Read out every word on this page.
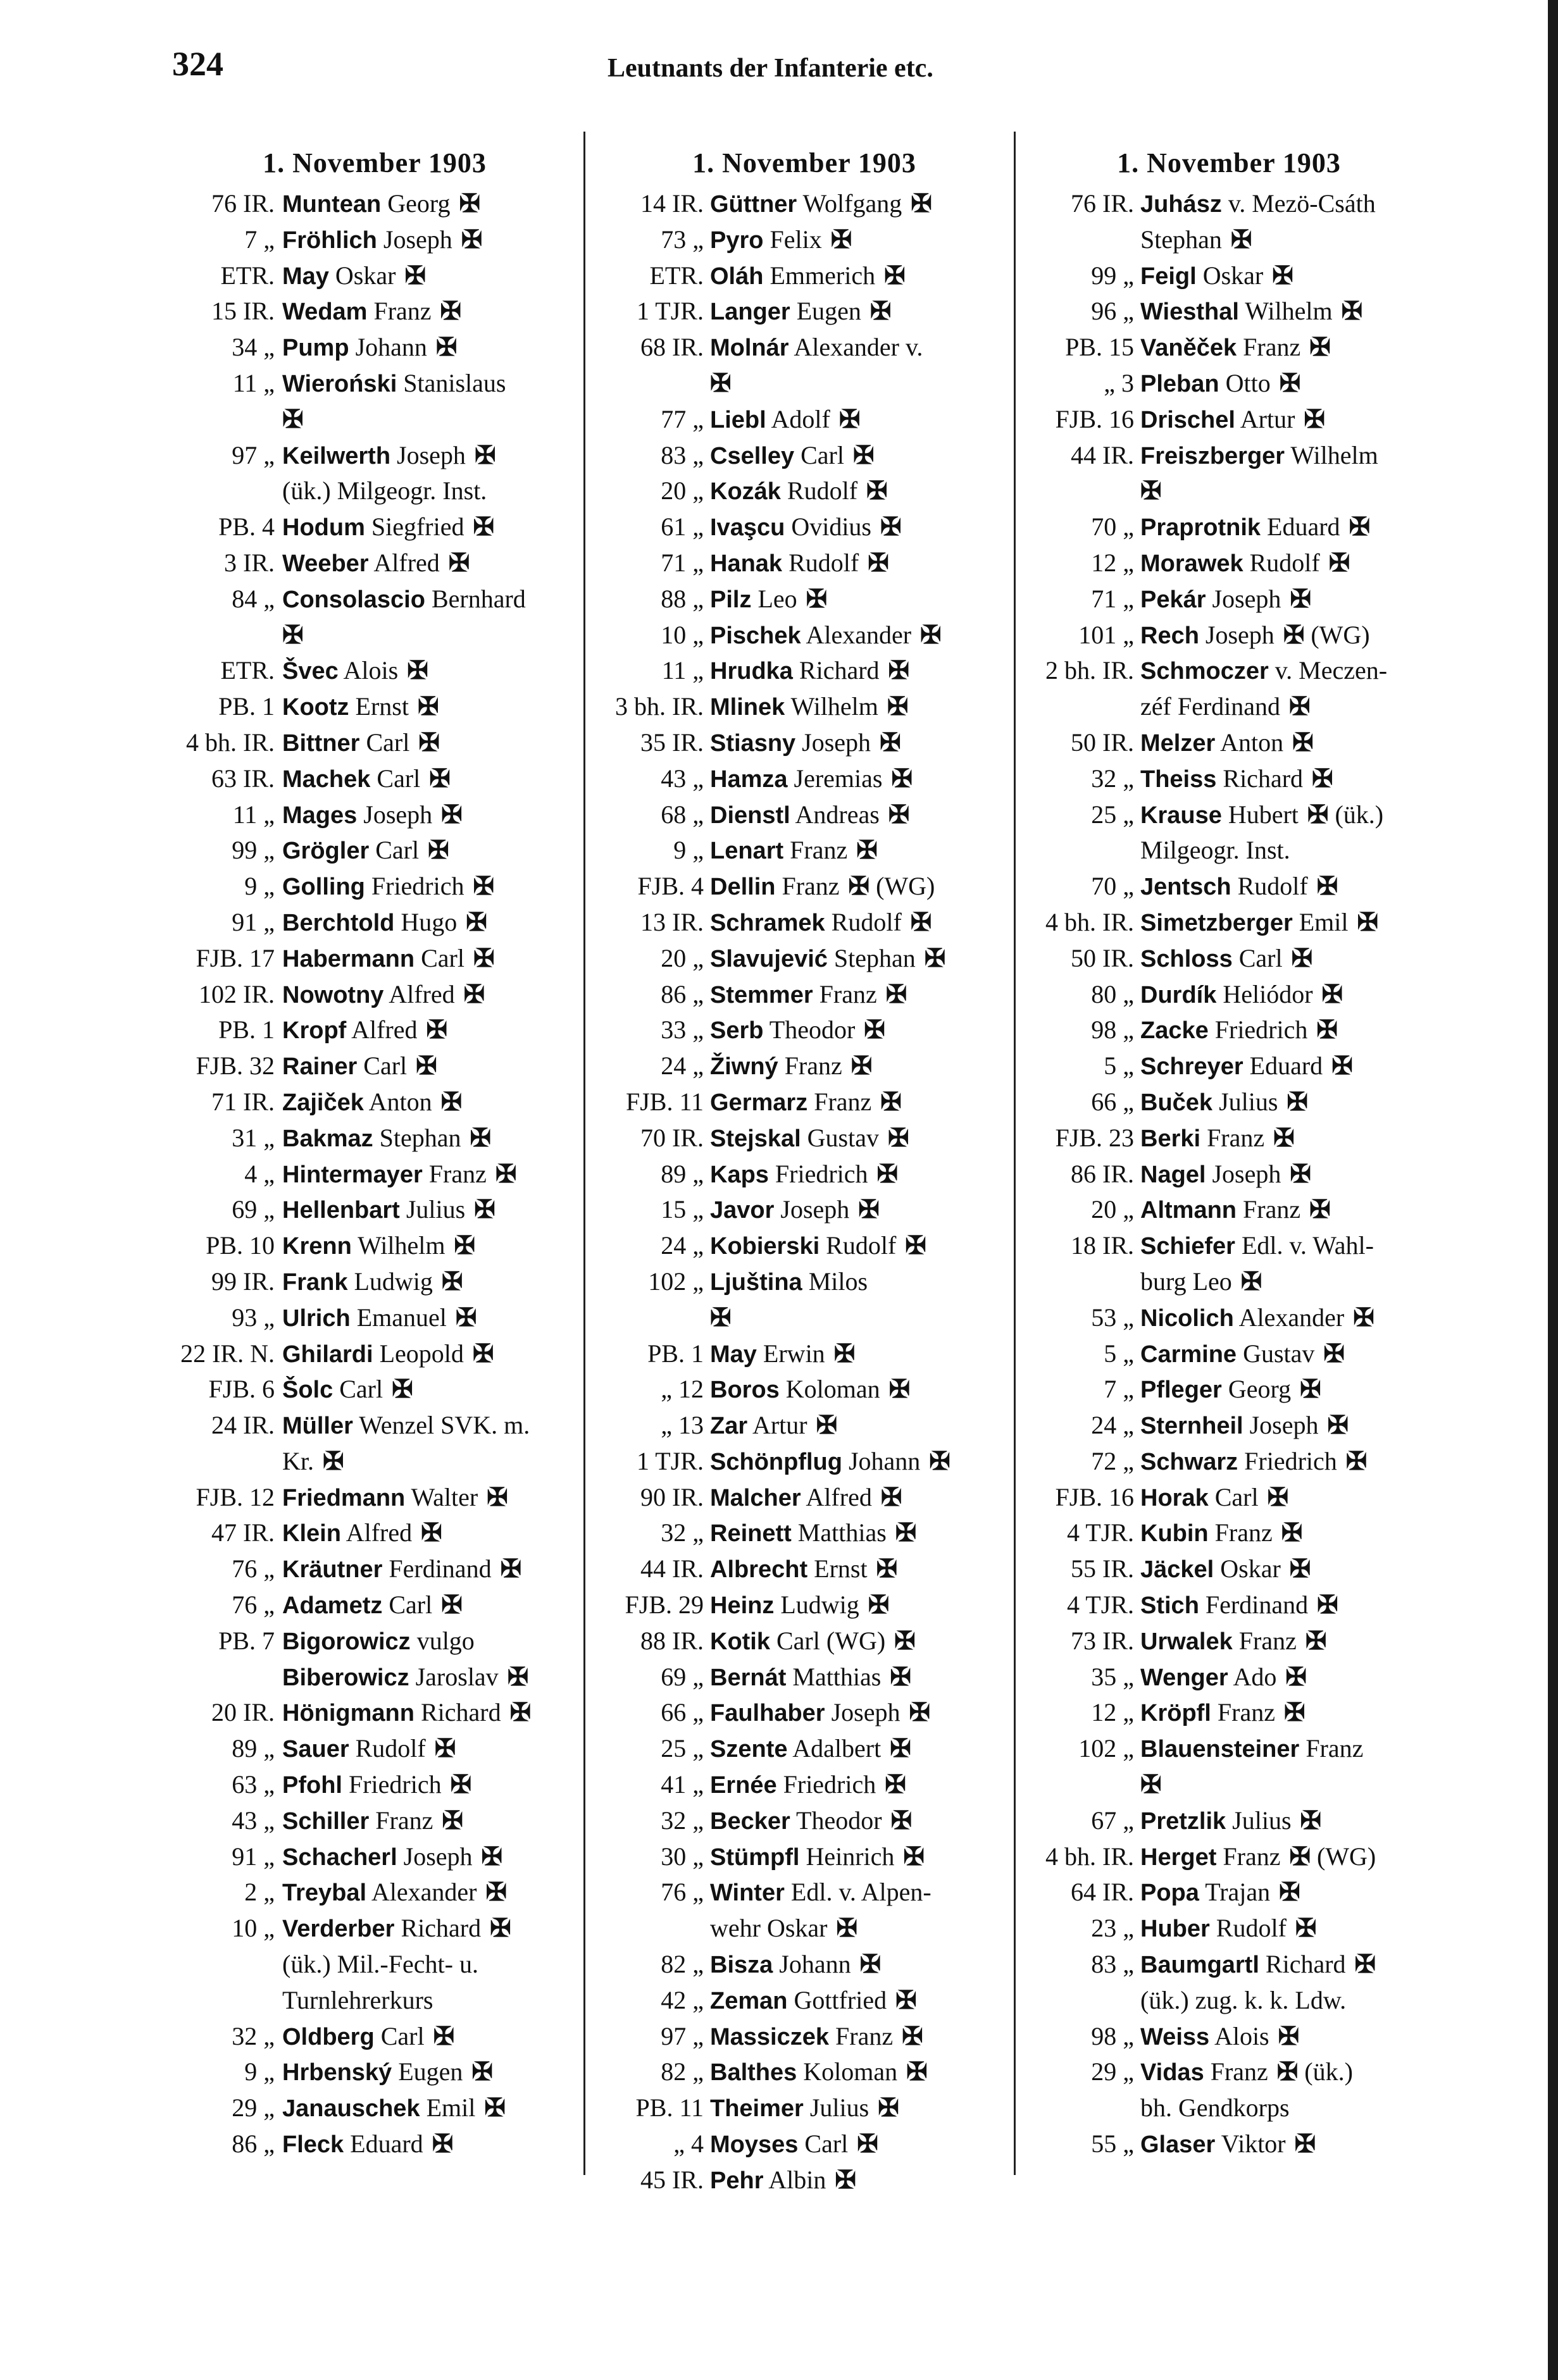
324	Leutnants der Infanterie etc.
1. November 1903
76 IR. Muntean Georg ✠
7 „ Fröhlich Joseph ✠
ETR. May Oskar ✠
15 IR. Wedam Franz ✠
34 „ Pump Johann ✠
11 „ Wieroński Stanislaus
✠
97 „ Keilwerth Joseph ✠
(ük.) Milgeogr. Inst.
PB. 4 Hodum Siegfried ✠
3 IR. Weeber Alfred ✠
84 „ Consolascio Bernhard
✠
ETR. Švec Alois ✠
PB. 1 Kootz Ernst ✠
4 bh. IR. Bittner Carl ✠
63 IR. Machek Carl ✠
11 „ Mages Joseph ✠
99 „ Grögler Carl ✠
9 „ Golling Friedrich ✠
91 „ Berchtold Hugo ✠
FJB. 17 Habermann Carl ✠
102 IR. Nowotny Alfred ✠
PB. 1 Kropf Alfred ✠
FJB. 32 Rainer Carl ✠
71 IR. Zajiček Anton ✠
31 „ Bakmaz Stephan ✠
4 „ Hintermayer Franz ✠
69 „ Hellenbart Julius ✠
PB. 10 Krenn Wilhelm ✠
99 IR. Frank Ludwig ✠
93 „ Ulrich Emanuel ✠
22 IR. N. Ghilardi Leopold ✠
FJB. 6 Šolc Carl ✠
24 IR. Müller Wenzel SVK. m.
Kr. ✠
FJB. 12 Friedmann Walter ✠
47 IR. Klein Alfred ✠
76 „ Kräutner Ferdinand ✠
76 „ Adametz Carl ✠
PB. 7 Bigorowicz vulgo
Biberowicz Jaroslav ✠
20 IR. Hönigmann Richard ✠
89 „ Sauer Rudolf ✠
63 „ Pfohl Friedrich ✠
43 „ Schiller Franz ✠
91 „ Schacherl Joseph ✠
2 „ Treybal Alexander ✠
10 „ Verderber Richard ✠
(ük.) Mil.-Fecht- u.
Turnlehrerkurs
32 „ Oldberg Carl ✠
9 „ Hrbenský Eugen ✠
29 „ Janauschek Emil ✠
86 „ Fleck Eduard ✠
1. November 1903
14 IR. Güttner Wolfgang ✠
73 „ Pyro Felix ✠
ETR. Oláh Emmerich ✠
1 TJR. Langer Eugen ✠
68 IR. Molnár Alexander v.
✠
77 „ Liebl Adolf ✠
83 „ Cselley Carl ✠
20 „ Kozák Rudolf ✠
61 „ Ivaşcu Ovidius ✠
71 „ Hanak Rudolf ✠
88 „ Pilz Leo ✠
10 „ Pischek Alexander ✠
11 „ Hrudka Richard ✠
3 bh. IR. Mlinek Wilhelm ✠
35 IR. Stiasny Joseph ✠
43 „ Hamza Jeremias ✠
68 „ Dienstl Andreas ✠
9 „ Lenart Franz ✠
FJB. 4 Dellin Franz ✠ (WG)
13 IR. Schramek Rudolf ✠
20 „ Slavujević Stephan ✠
86 „ Stemmer Franz ✠
33 „ Serb Theodor ✠
24 „ Žiwný Franz ✠
FJB. 11 Germarz Franz ✠
70 IR. Stejskal Gustav ✠
89 „ Kaps Friedrich ✠
15 „ Javor Joseph ✠
24 „ Kobierski Rudolf ✠
102 „ Ljuština Milos
✠
PB. 1 May Erwin ✠
„ 12 Boros Koloman ✠
„ 13 Zar Artur ✠
1 TJR. Schönpflug Johann ✠
90 IR. Malcher Alfred ✠
32 „ Reinett Matthias ✠
44 IR. Albrecht Ernst ✠
FJB. 29 Heinz Ludwig ✠
88 IR. Kotik Carl (WG) ✠
69 „ Bernát Matthias ✠
66 „ Faulhaber Joseph ✠
25 „ Szente Adalbert ✠
41 „ Ernée Friedrich ✠
32 „ Becker Theodor ✠
30 „ Stümpfl Heinrich ✠
76 „ Winter Edl. v. Alpen-
wehr Oskar ✠
82 „ Bisza Johann ✠
42 „ Zeman Gottfried ✠
97 „ Massiczek Franz ✠
82 „ Balthes Koloman ✠
PB. 11 Theimer Julius ✠
„ 4 Moyses Carl ✠
45 IR. Pehr Albin ✠
1. November 1903
76 IR. Juhász v. Mezö-Csáth
Stephan ✠
99 „ Feigl Oskar ✠
96 „ Wiesthal Wilhelm ✠
PB. 15 Vaněček Franz ✠
„ 3 Pleban Otto ✠
FJB. 16 Drischel Artur ✠
44 IR. Freiszberger Wilhelm
✠
70 „ Praprotnik Eduard ✠
12 „ Morawek Rudolf ✠
71 „ Pekár Joseph ✠
101 „ Rech Joseph ✠ (WG)
2 bh. IR. Schmoczer v. Meczen-
zéf Ferdinand ✠
50 IR. Melzer Anton ✠
32 „ Theiss Richard ✠
25 „ Krause Hubert ✠ (ük.)
Milgeogr. Inst.
70 „ Jentsch Rudolf ✠
4 bh. IR. Simetzberger Emil ✠
50 IR. Schloss Carl ✠
80 „ Durdík Heliódor ✠
98 „ Zacke Friedrich ✠
5 „ Schreyer Eduard ✠
66 „ Buček Julius ✠
FJB. 23 Berki Franz ✠
86 IR. Nagel Joseph ✠
20 „ Altmann Franz ✠
18 IR. Schiefer Edl. v. Wahl-
burg Leo ✠
53 „ Nicolich Alexander ✠
5 „ Carmine Gustav ✠
7 „ Pfleger Georg ✠
24 „ Sternheil Joseph ✠
72 „ Schwarz Friedrich ✠
FJB. 16 Horak Carl ✠
4 TJR. Kubin Franz ✠
55 IR. Jäckel Oskar ✠
4 TJR. Stich Ferdinand ✠
73 IR. Urwalek Franz ✠
35 „ Wenger Ado ✠
12 „ Kröpfl Franz ✠
102 „ Blauensteiner Franz
✠
67 „ Pretzlik Julius ✠
4 bh. IR. Herget Franz ✠ (WG)
64 IR. Popa Trajan ✠
23 „ Huber Rudolf ✠
83 „ Baumgartl Richard ✠
(ük.) zug. k. k. Ldw.
98 „ Weiss Alois ✠
29 „ Vidas Franz ✠ (ük.)
bh. Gendkorps
55 „ Glaser Viktor ✠
